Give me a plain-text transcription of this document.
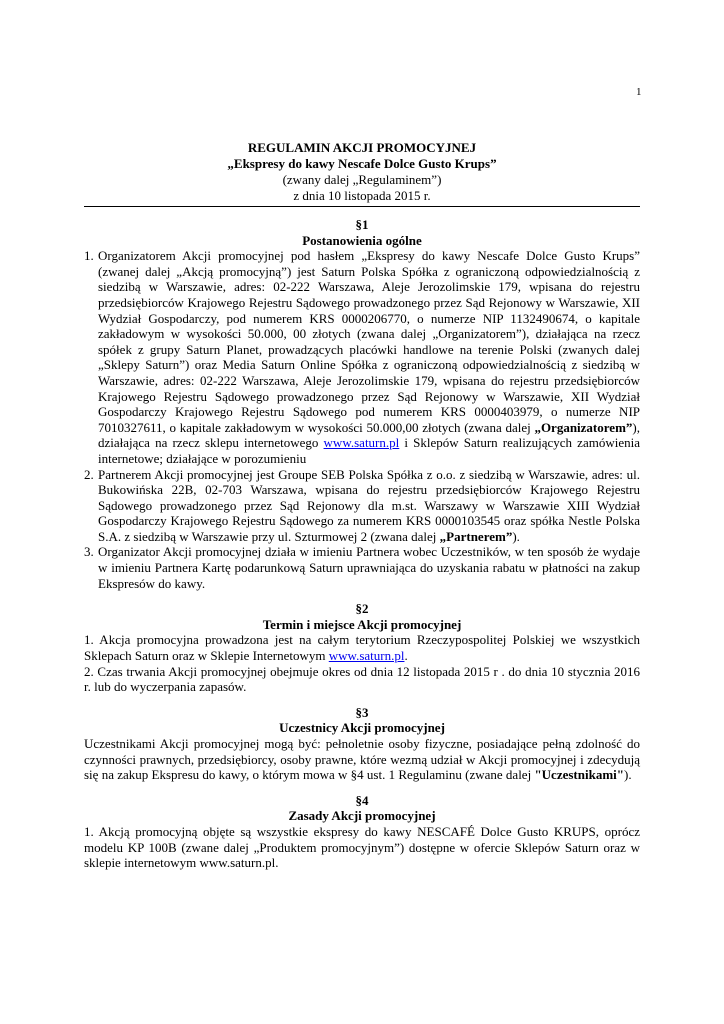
1
REGULAMIN AKCJI PROMOCYJNEJ
„Ekspresy do kawy Nescafe Dolce Gusto Krups”
(zwany dalej „Regulaminem”)
z dnia 10 listopada 2015 r.
§1
Postanowienia ogólne
1. Organizatorem Akcji promocyjnej pod hasłem „Ekspresy do kawy Nescafe Dolce Gusto Krups” (zwanej dalej „Akcją promocyjną”) jest Saturn Polska Spółka z ograniczoną odpowiedzialnością z siedzibą w Warszawie, adres: 02-222 Warszawa, Aleje Jerozolimskie 179, wpisana do rejestru przedsiębiorców Krajowego Rejestru Sądowego prowadzonego przez Sąd Rejonowy w Warszawie, XII Wydział Gospodarczy, pod numerem KRS 0000206770, o numerze NIP 1132490674, o kapitale zakładowym w wysokości 50.000, 00 złotych (zwana dalej „Organizatorem”), działająca na rzecz spółek z grupy Saturn Planet, prowadzących placówki handlowe na terenie Polski (zwanych dalej „Sklepy Saturn”) oraz Media Saturn Online Spółka z ograniczoną odpowiedzialnością z siedzibą w Warszawie, adres: 02-222 Warszawa, Aleje Jerozolimskie 179, wpisana do rejestru przedsiębiorców Krajowego Rejestru Sądowego prowadzonego przez Sąd Rejonowy w Warszawie, XII Wydział Gospodarczy Krajowego Rejestru Sądowego pod numerem KRS 0000403979, o numerze NIP 7010327611, o kapitale zakładowym w wysokości 50.000,00 złotych (zwana dalej „Organizatorem”), działająca na rzecz sklepu internetowego www.saturn.pl i Sklepów Saturn realizujących zamówienia internetowe; działające w porozumieniu
2. Partnerem Akcji promocyjnej jest Groupe SEB Polska Spółka z o.o. z siedzibą w Warszawie, adres: ul. Bukowińska 22B, 02-703 Warszawa, wpisana do rejestru przedsiębiorców Krajowego Rejestru Sądowego prowadzonego przez Sąd Rejonowy dla m.st. Warszawy w Warszawie XIII Wydział Gospodarczy Krajowego Rejestru Sądowego za numerem KRS 0000103545 oraz spółka Nestle Polska S.A. z siedzibą w Warszawie przy ul. Szturmowej 2 (zwana dalej „Partnerem”).
3. Organizator Akcji promocyjnej działa w imieniu Partnera wobec Uczestników, w ten sposób że wydaje w imieniu Partnera Kartę podarunkową Saturn uprawniająca do uzyskania rabatu w płatności na zakup Ekspresów do kawy.
§2
Termin i miejsce Akcji promocyjnej

1. Akcja promocyjna prowadzona jest na całym terytorium Rzeczypospolitej Polskiej we wszystkich Sklepach Saturn oraz w Sklepie Internetowym www.saturn.pl.

2. Czas trwania Akcji promocyjnej obejmuje okres od dnia 12 listopada 2015 r . do dnia 10 stycznia 2016 r. lub do wyczerpania zapasów.

§3
Uczestnicy Akcji promocyjnej

Uczestnikami Akcji promocyjnej mogą być: pełnoletnie osoby fizyczne, posiadające pełną zdolność do czynności prawnych, przedsiębiorcy, osoby prawne, które wezmą udział w Akcji promocyjnej i zdecydują się na zakup Ekspresu do kawy, o którym mowa w §4 ust. 1 Regulaminu (zwane dalej "Uczestnikami").

§4
Zasady Akcji promocyjnej

1. Akcją promocyjną objęte są wszystkie ekspresy do kawy NESCAFÉ Dolce Gusto KRUPS, oprócz modelu KP 100B (zwane dalej „Produktem promocyjnym”) dostępne w ofercie Sklepów Saturn oraz w sklepie internetowym www.saturn.pl.
